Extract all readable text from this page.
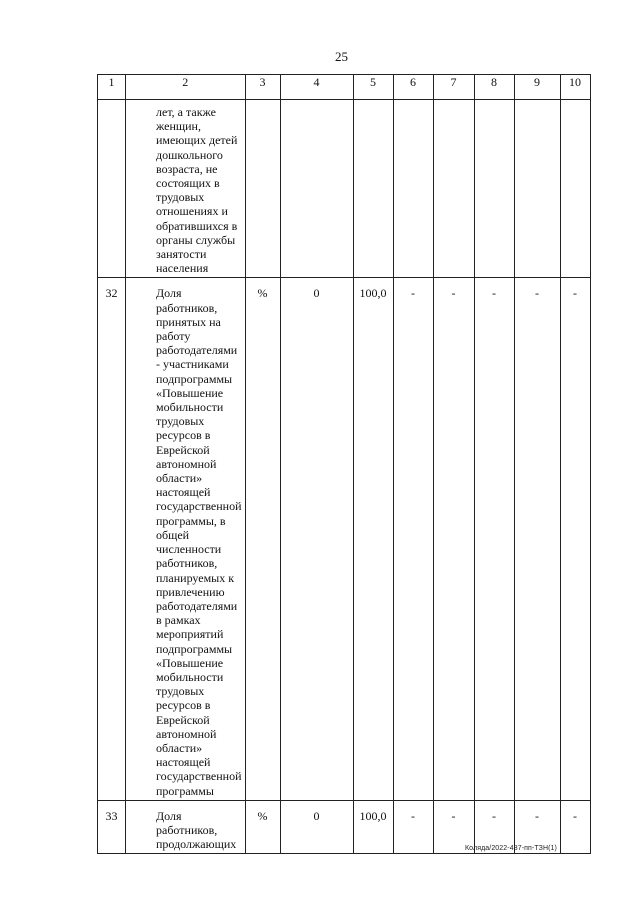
25
1	2	3	4	5	6	7	8	9	10
	лет, а также женщин, имеющих детей дошкольного возраста, не состоящих в трудовых отношениях и обратившихся в органы службы занятости населения								
32	Доля работников, принятых на работу работодателями - участниками подпрограммы «Повышение мобильности трудовых ресурсов в Еврейской автономной области» настоящей государственной программы, в общей численности работников, планируемых к привлечению работодателями в рамках мероприятий подпрограммы «Повышение мобильности трудовых ресурсов в Еврейской автономной области» настоящей государственной программы	%	0	100,0	-	-	-	-	-
33	Доля работников, продолжающих	%	0	100,0	-	-	-	-	-
Коляда/2022-487-пп-ТЗН(1)
